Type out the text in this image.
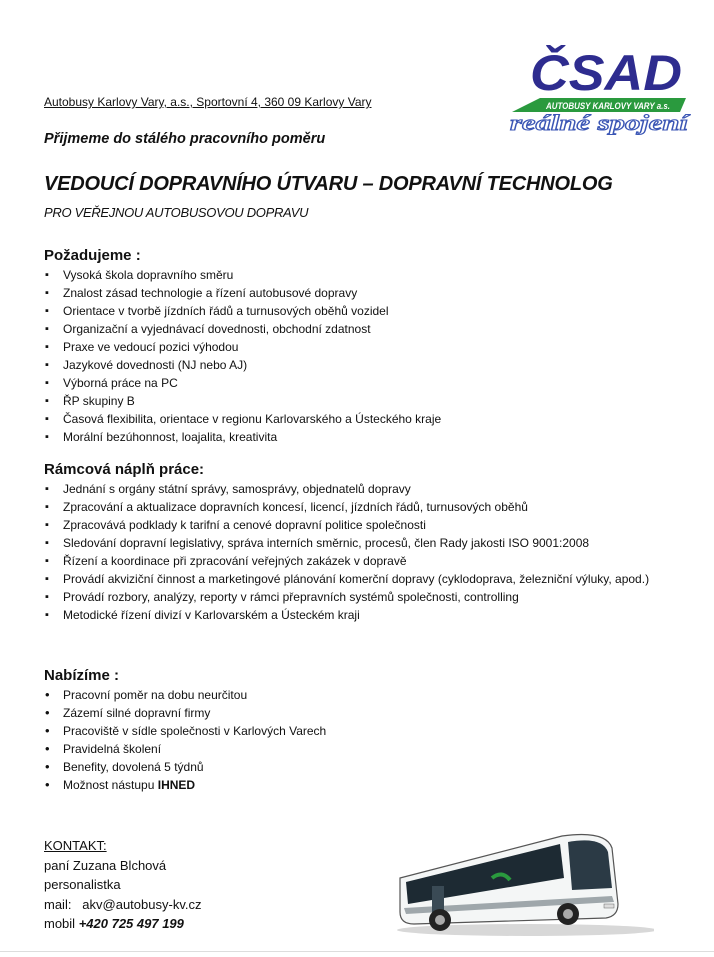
Autobusy Karlovy Vary, a.s., Sportovní 4, 360 09 Karlovy Vary
Přijmeme do stálého pracovního poměru
VEDOUCÍ DOPRAVNÍHO ÚTVARU – DOPRAVNÍ TECHNOLOG
PRO VEŘEJNOU AUTOBUSOVOU DOPRAVU
ČSAD
AUTOBUSY KARLOVY VARY a.s.
reálné spojení
Požadujeme :
▪ Vysoká škola dopravního směru
▪ Znalost zásad technologie a řízení autobusové dopravy
▪ Orientace v tvorbě jízdních řádů a turnusových oběhů vozidel
▪ Organizační a vyjednávací dovednosti, obchodní zdatnost
▪ Praxe ve vedoucí pozici výhodou
▪ Jazykové dovednosti (NJ nebo AJ)
▪ Výborná práce na PC
▪ ŘP skupiny B
▪ Časová flexibilita, orientace v regionu Karlovarského a Ústeckého kraje
▪ Morální bezúhonnost, loajalita, kreativita
Rámcová náplň práce:
▪ Jednání s orgány státní správy, samosprávy, objednatelů dopravy
▪ Zpracování a aktualizace dopravních koncesí, licencí, jízdních řádů, turnusových oběhů
▪ Zpracovává podklady k tarifní a cenové dopravní politice společnosti
▪ Sledování dopravní legislativy, správa interních směrnic, procesů, člen Rady jakosti ISO 9001:2008
▪ Řízení a koordinace při zpracování veřejných zakázek v dopravě
▪ Provádí akviziční činnost a marketingové plánování komerční dopravy (cyklodoprava, železniční výluky, apod.)
▪ Provádí rozbory, analýzy, reporty v rámci přepravních systémů společnosti, controlling
▪ Metodické řízení divizí v Karlovarském a Ústeckém kraji
Nabízíme :
• Pracovní poměr na dobu neurčitou
• Zázemí silné dopravní firmy
• Pracoviště v sídle společnosti v Karlových Varech
• Pravidelná školení
• Benefity, dovolená 5 týdnů
• Možnost nástupu IHNED
KONTAKT:
paní Zuzana Blchová
personalistka
mail: akv@autobusy-kv.cz
mobil +420 725 497 199
